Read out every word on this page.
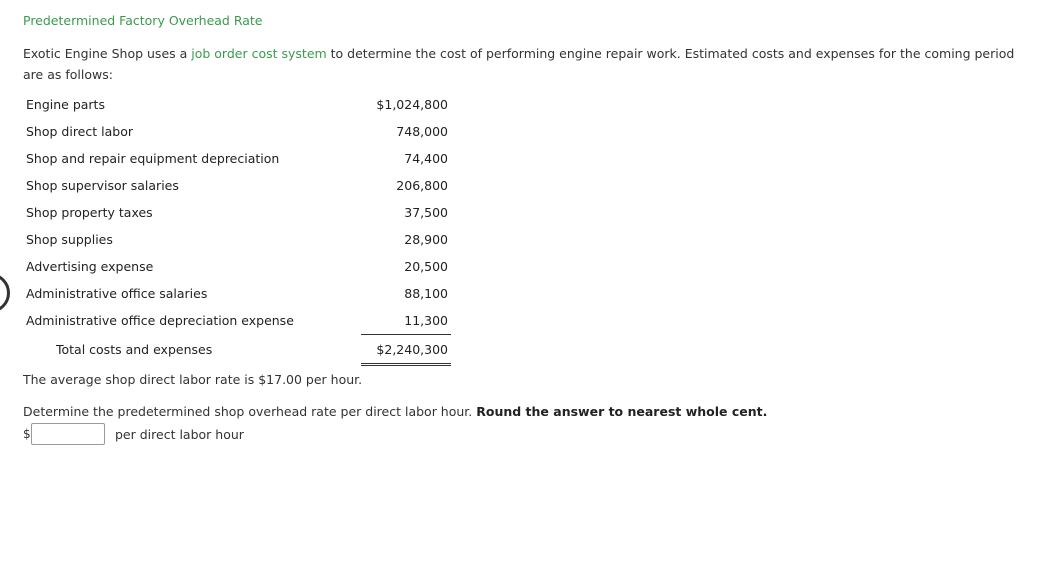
Predetermined Factory Overhead Rate
Exotic Engine Shop uses a job order cost system to determine the cost of performing engine repair work. Estimated costs and expenses for the coming period are as follows:
Engine parts	$1,024,800
Shop direct labor	748,000
Shop and repair equipment depreciation	74,400
Shop supervisor salaries	206,800
Shop property taxes	37,500
Shop supplies	28,900
Advertising expense	20,500
Administrative office salaries	88,100
Administrative office depreciation expense	11,300
Total costs and expenses	$2,240,300
The average shop direct labor rate is $17.00 per hour.
Determine the predetermined shop overhead rate per direct labor hour. Round the answer to nearest whole cent.
$	per direct labor hour
